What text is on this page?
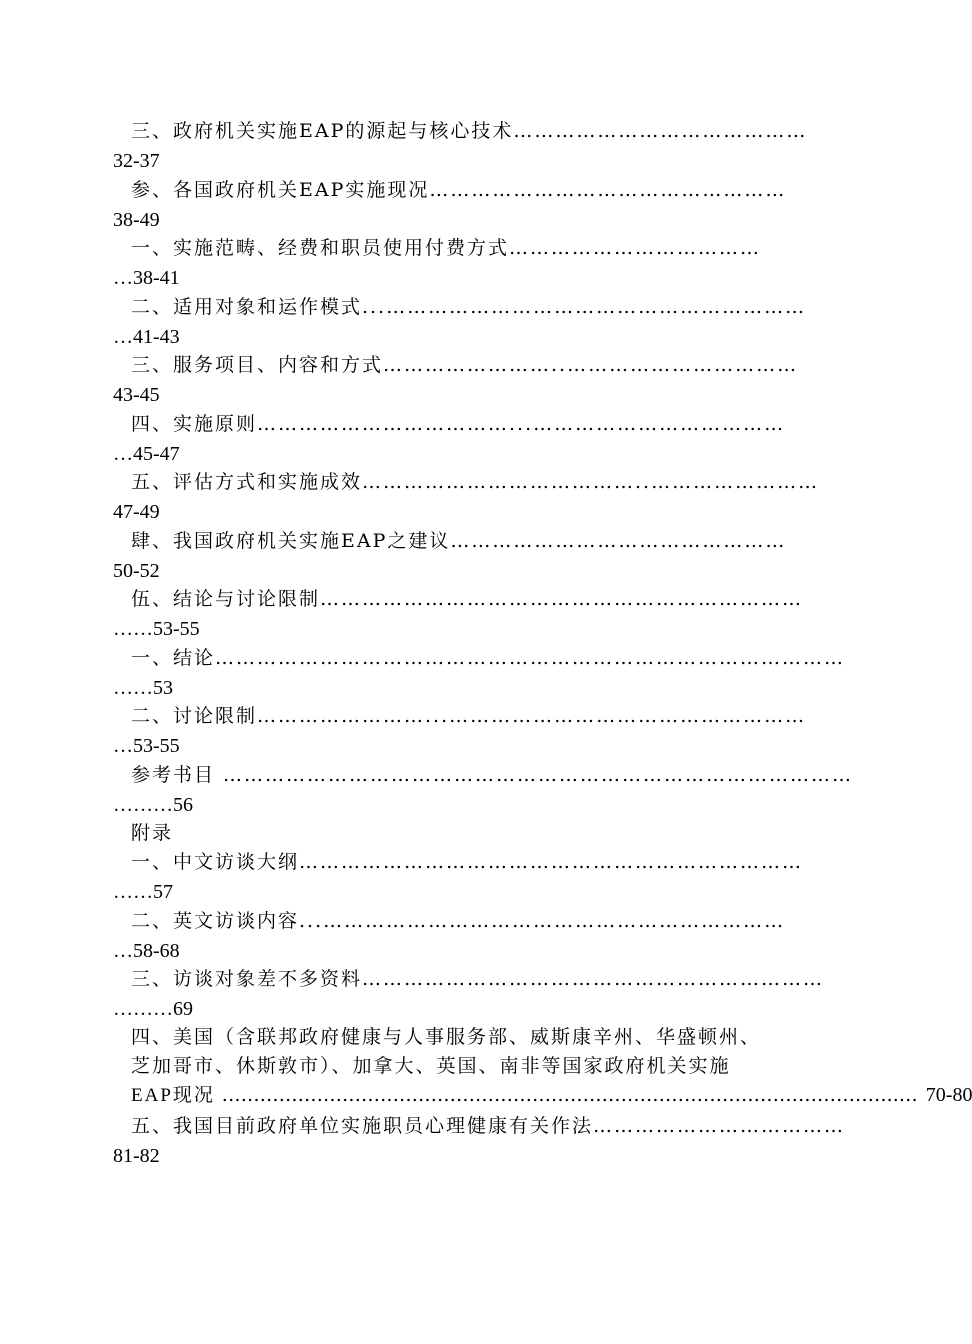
三、政府机关实施EAP的源起与核心技术……………………………………
32-37
参、各国政府机关EAP实施现况……………………………………………
38-49
一、实施范畴、经费和职员使用付费方式………………………………
…38-41
二、适用对象和运作模式...……………………………………………………
…41-43
三、服务项目、内容和方式……………………..……………………………
43-45
四、实施原则………………………………...………………………………
…45-47
五、评估方式和实施成效…………………………………..……………………
47-49
肆、我国政府机关实施EAP之建议…………………………………………
50-52
伍、结论与讨论限制……………………………………………………………
……53-55
一、结论………………………………………………………………………………
……53
二、讨论限制……………………...……………………………………………
…53-55
参考书目 ………………………………………………………………………………
………56
附录
一、中文访谈大纲………………………………………………………………
……57
二、英文访谈内容...…………………………………………………………
…58-68
三、访谈对象差不多资料…………………………………………………………
………69
四、美国（含联邦政府健康与人事服务部、威斯康辛州、华盛顿州、
芝加哥市、休斯敦市）、加拿大、英国、南非等国家政府机关实施
EAP现况 ……………………………………………………………………………………………..… 70-80
五、我国目前政府单位实施职员心理健康有关作法………………………………
81-82
